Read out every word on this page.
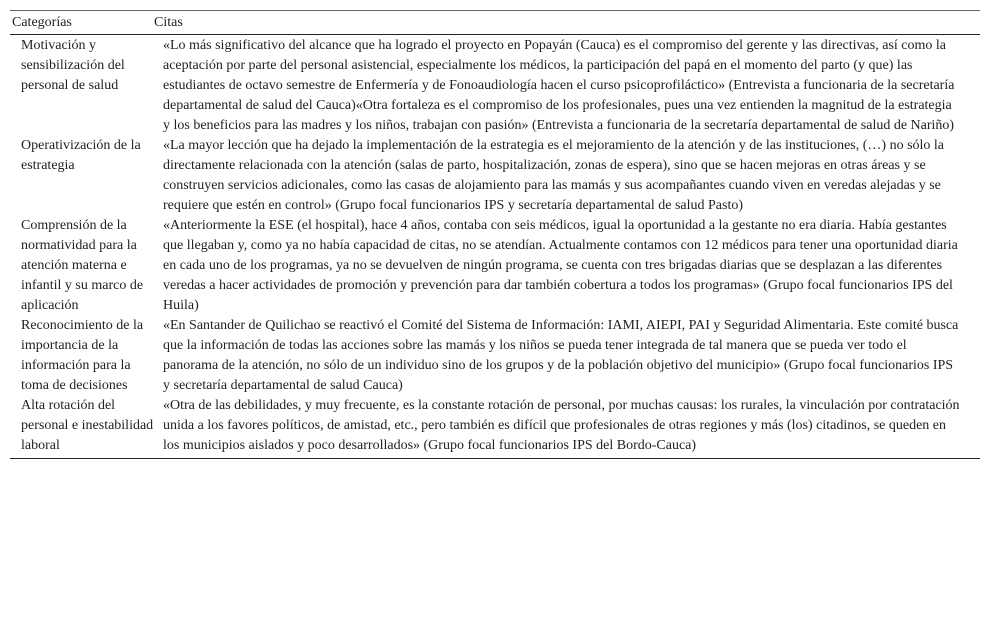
Categorías	Citas
Motivación y sensibilización del personal de salud	«Lo más significativo del alcance que ha logrado el proyecto en Popayán (Cauca) es el compromiso del gerente y las directivas, así como la aceptación por parte del personal asistencial, especialmente los médicos, la participación del papá en el momento del parto (y que) las estudiantes de octavo semestre de Enfermería y de Fonoaudiología hacen el curso psicoprofiláctico» (Entrevista a funcionaria de la secretaría departamental de salud del Cauca)«Otra fortaleza es el compromiso de los profesionales, pues una vez entienden la magnitud de la estrategia y los beneficios para las madres y los niños, trabajan con pasión» (Entrevista a funcionaria de la secretaría departamental de salud de Nariño)
Operativización de la estrategia	«La mayor lección que ha dejado la implementación de la estrategia es el mejoramiento de la atención y de las instituciones, (…) no sólo la directamente relacionada con la atención (salas de parto, hospitalización, zonas de espera), sino que se hacen mejoras en otras áreas y se construyen servicios adicionales, como las casas de alojamiento para las mamás y sus acompañantes cuando viven en veredas alejadas y se requiere que estén en control» (Grupo focal funcionarios IPS y secretaría departamental de salud Pasto)
Comprensión de la normatividad para la atención materna e infantil y su marco de aplicación	«Anteriormente la ESE (el hospital), hace 4 años, contaba con seis médicos, igual la oportunidad a la gestante no era diaria. Había gestantes que llegaban y, como ya no había capacidad de citas, no se atendían. Actualmente contamos con 12 médicos para tener una oportunidad diaria en cada uno de los programas, ya no se devuelven de ningún programa, se cuenta con tres brigadas diarias que se desplazan a las diferentes veredas a hacer actividades de promoción y prevención para dar también cobertura a todos los programas» (Grupo focal funcionarios IPS del Huila)
Reconocimiento de la importancia de la información para la toma de decisiones	«En Santander de Quilichao se reactivó el Comité del Sistema de Información: IAMI, AIEPI, PAI y Seguridad Alimentaria. Este comité busca que la información de todas las acciones sobre las mamás y los niños se pueda tener integrada de tal manera que se pueda ver todo el panorama de la atención, no sólo de un individuo sino de los grupos y de la población objetivo del municipio» (Grupo focal funcionarios IPS y secretaría departamental de salud Cauca)
Alta rotación del personal e inestabilidad laboral	«Otra de las debilidades, y muy frecuente, es la constante rotación de personal, por muchas causas: los rurales, la vinculación por contratación unida a los favores políticos, de amistad, etc., pero también es difícil que profesionales de otras regiones y más (los) citadinos, se queden en los municipios aislados y poco desarrollados» (Grupo focal funcionarios IPS del Bordo-Cauca)
